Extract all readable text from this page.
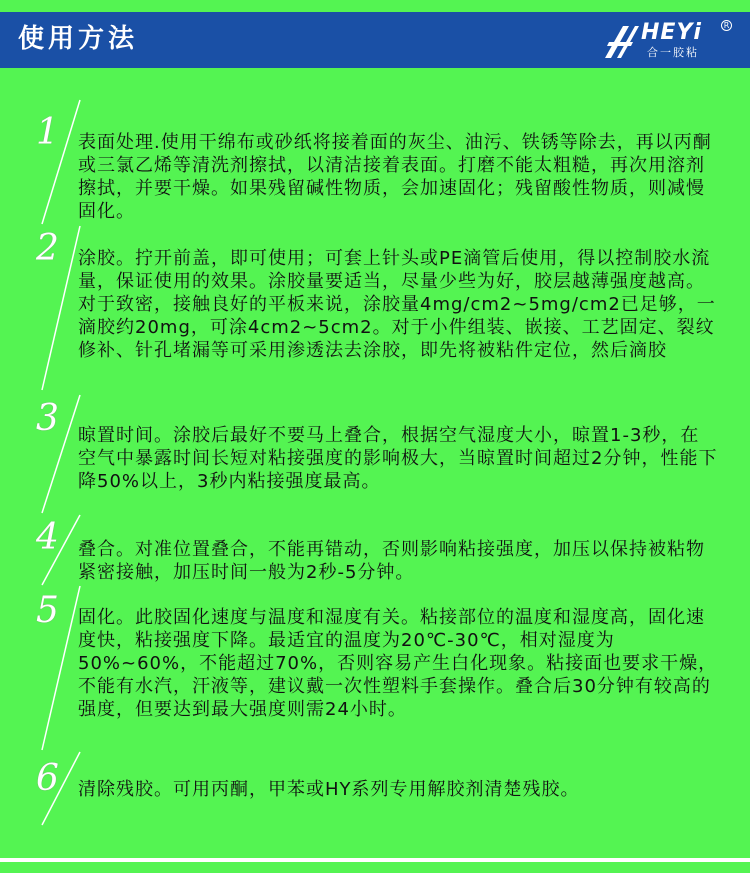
使用方法	HEYi
合一胶粘
R
1 表面处理.使用干绵布或砂纸将接着面的灰尘、油污、铁锈等除去，再以丙酮或三氯乙烯等清洗剂擦拭，以清洁接着表面。打磨不能太粗糙，再次用溶剂擦拭，并要干燥。如果残留碱性物质，会加速固化；残留酸性物质，则减慢固化。
2 涂胶。拧开前盖，即可使用；可套上针头或PE滴管后使用，得以控制胶水流量，保证使用的效果。涂胶量要适当，尽量少些为好，胶层越薄强度越高。对于致密，接触良好的平板来说，涂胶量4mg/cm2~5mg/cm2已足够，一滴胶约20mg，可涂4cm2~5cm2。对于小件组装、嵌接、工艺固定、裂纹修补、针孔堵漏等可采用渗透法去涂胶，即先将被粘件定位，然后滴胶
3 晾置时间。涂胶后最好不要马上叠合，根据空气湿度大小，晾置1-3秒，在空气中暴露时间长短对粘接强度的影响极大，当晾置时间超过2分钟，性能下降50%以上，3秒内粘接强度最高。
4 叠合。对准位置叠合，不能再错动，否则影响粘接强度，加压以保持被粘物紧密接触，加压时间一般为2秒-5分钟。
5 固化。此胶固化速度与温度和湿度有关。粘接部位的温度和湿度高，固化速度快，粘接强度下降。最适宜的温度为20℃-30℃，相对湿度为50%~60%，不能超过70%，否则容易产生白化现象。粘接面也要求干燥，不能有水汽，汗液等，建议戴一次性塑料手套操作。叠合后30分钟有较高的强度，但要达到最大强度则需24小时。
6 清除残胶。可用丙酮，甲苯或HY系列专用解胶剂清楚残胶。
